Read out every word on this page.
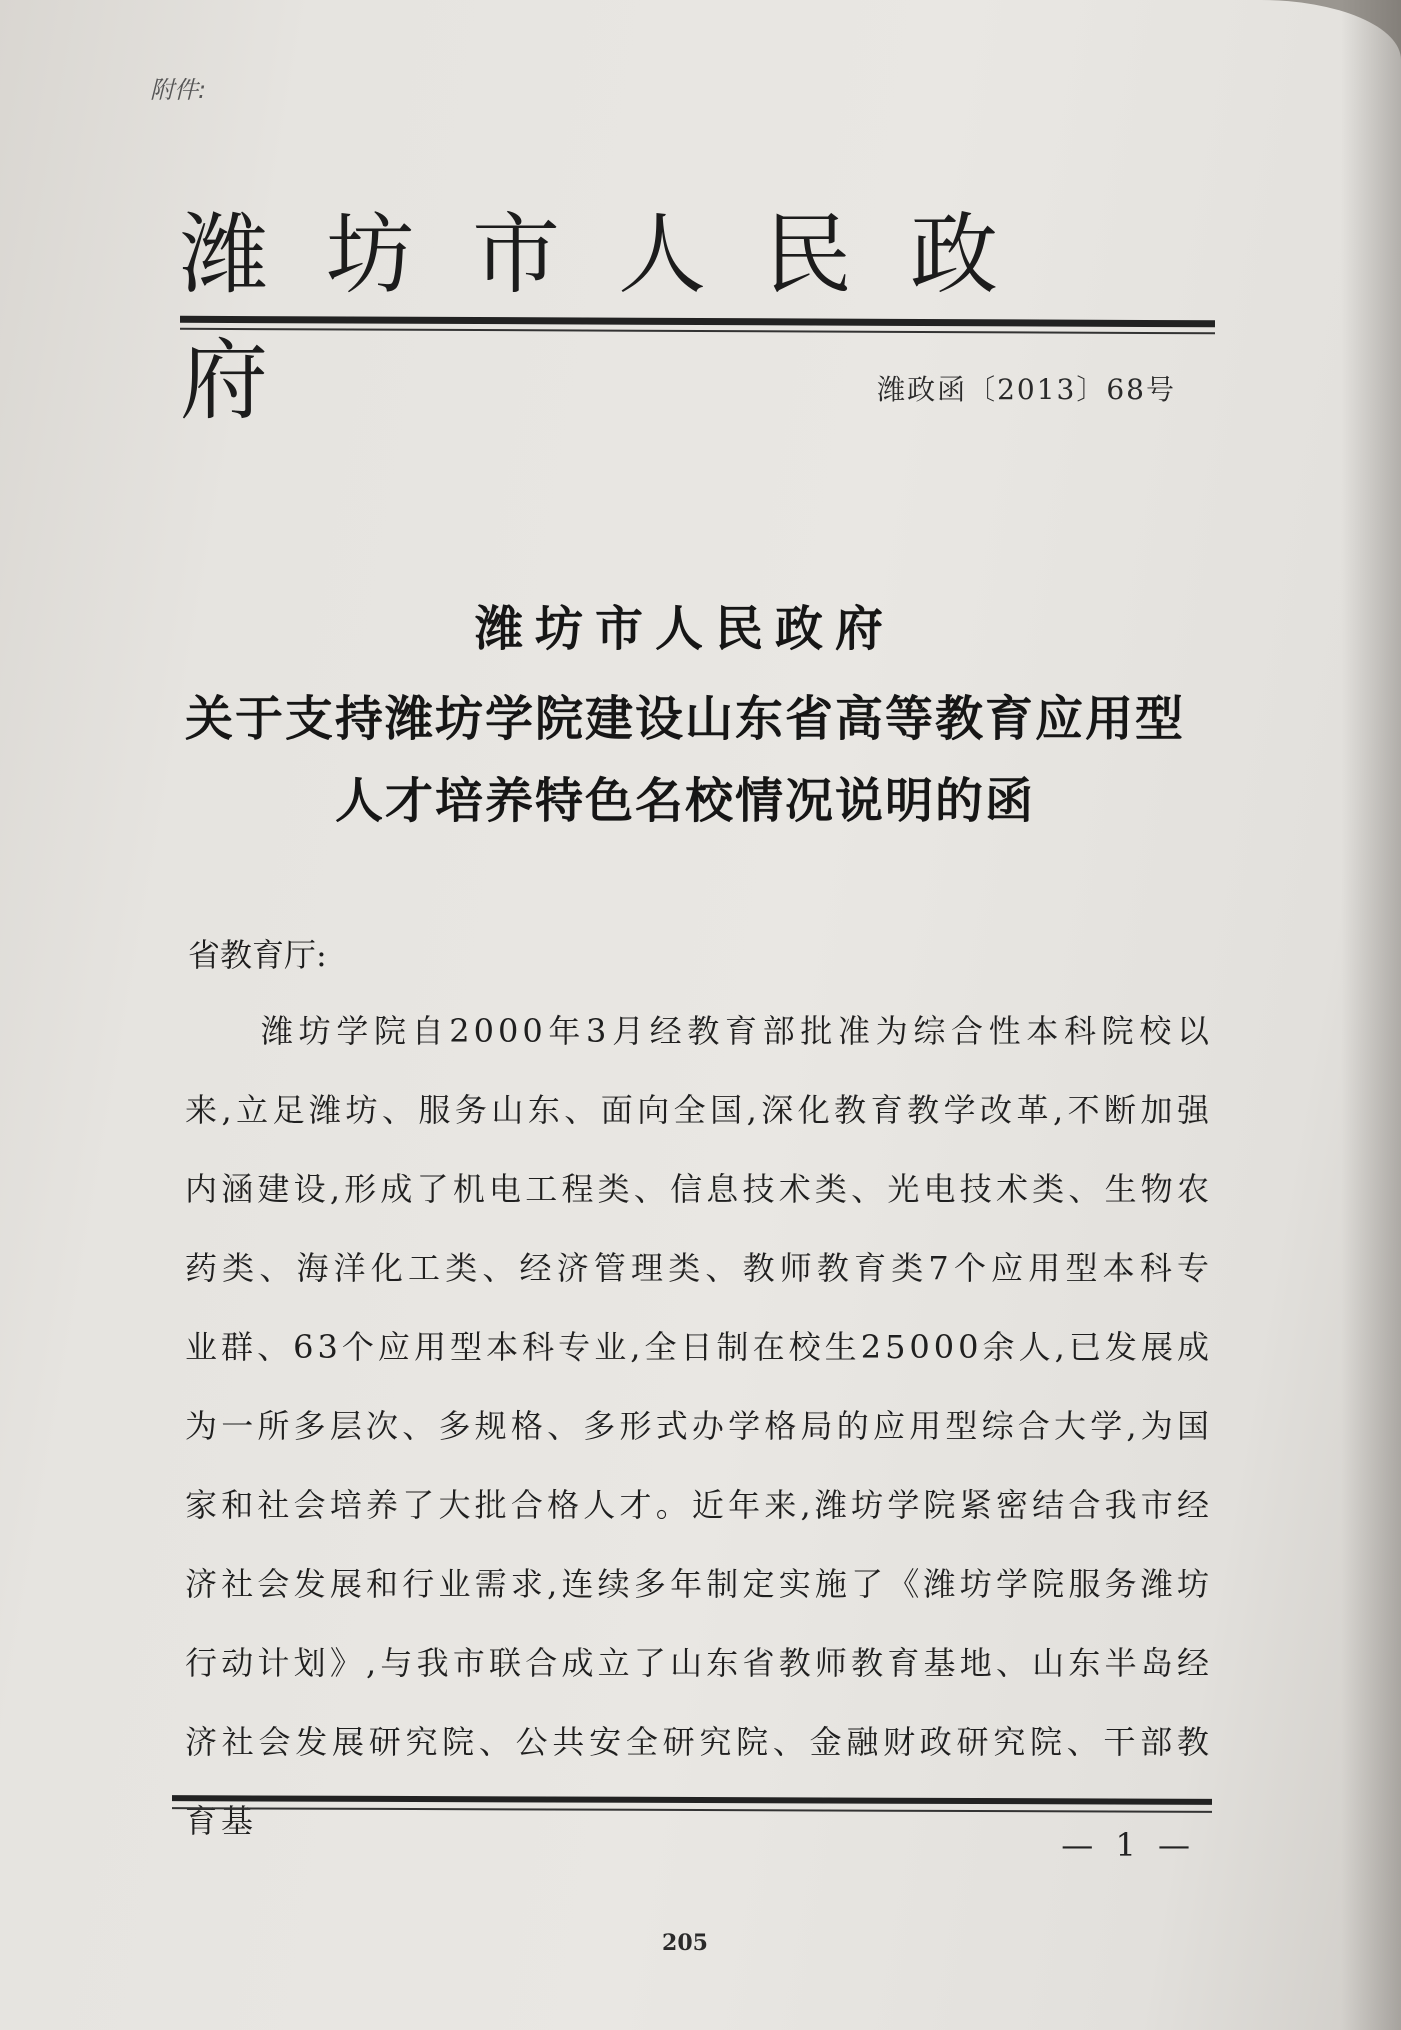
附件:
潍坊市人民政府	潍政函〔2013〕68号
潍坊市人民政府
关于支持潍坊学院建设山东省高等教育应用型
人才培养特色名校情况说明的函
省教育厅:
潍坊学院自2000年3月经教育部批准为综合性本科院校以来,立足潍坊、服务山东、面向全国,深化教育教学改革,不断加强内涵建设,形成了机电工程类、信息技术类、光电技术类、生物农药类、海洋化工类、经济管理类、教师教育类7个应用型本科专业群、63个应用型本科专业,全日制在校生25000余人,已发展成为一所多层次、多规格、多形式办学格局的应用型综合大学,为国家和社会培养了大批合格人才。近年来,潍坊学院紧密结合我市经济社会发展和行业需求,连续多年制定实施了《潍坊学院服务潍坊行动计划》,与我市联合成立了山东省教师教育基地、山东半岛经济社会发展研究院、公共安全研究院、金融财政研究院、干部教育基
— 1 —
205
